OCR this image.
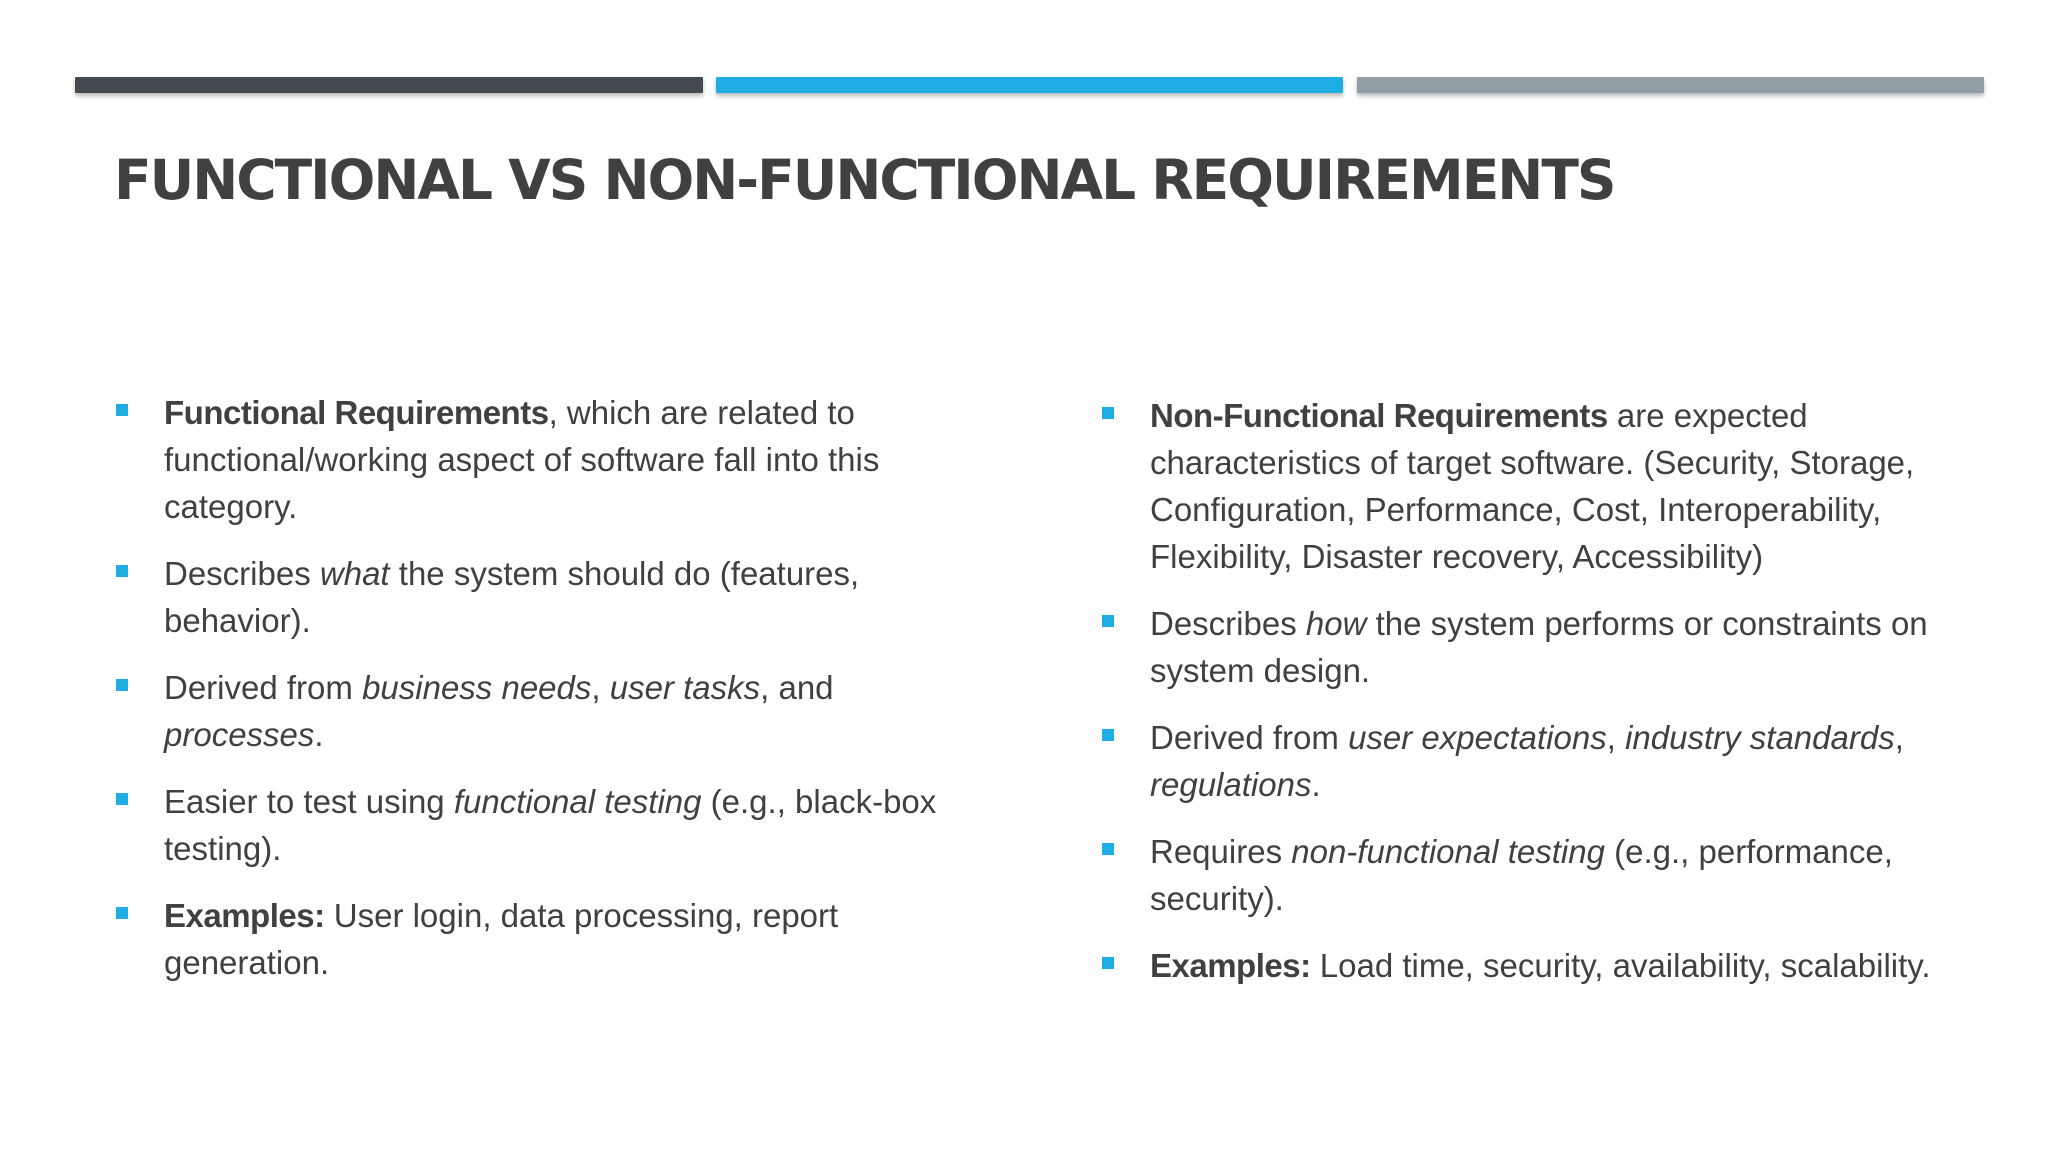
FUNCTIONAL VS NON-FUNCTIONAL REQUIREMENTS
Functional Requirements, which are related to functional/working aspect of software fall into this category.
Describes what the system should do (features, behavior).
Derived from business needs, user tasks, and processes.
Easier to test using functional testing (e.g., black-box testing).
Examples: User login, data processing, report generation.
Non-Functional Requirements are expected characteristics of target software. (Security, Storage, Configuration, Performance, Cost, Interoperability, Flexibility, Disaster recovery, Accessibility)
Describes how the system performs or constraints on system design.
Derived from user expectations, industry standards, regulations.
Requires non-functional testing (e.g., performance, security).
Examples: Load time, security, availability, scalability.
